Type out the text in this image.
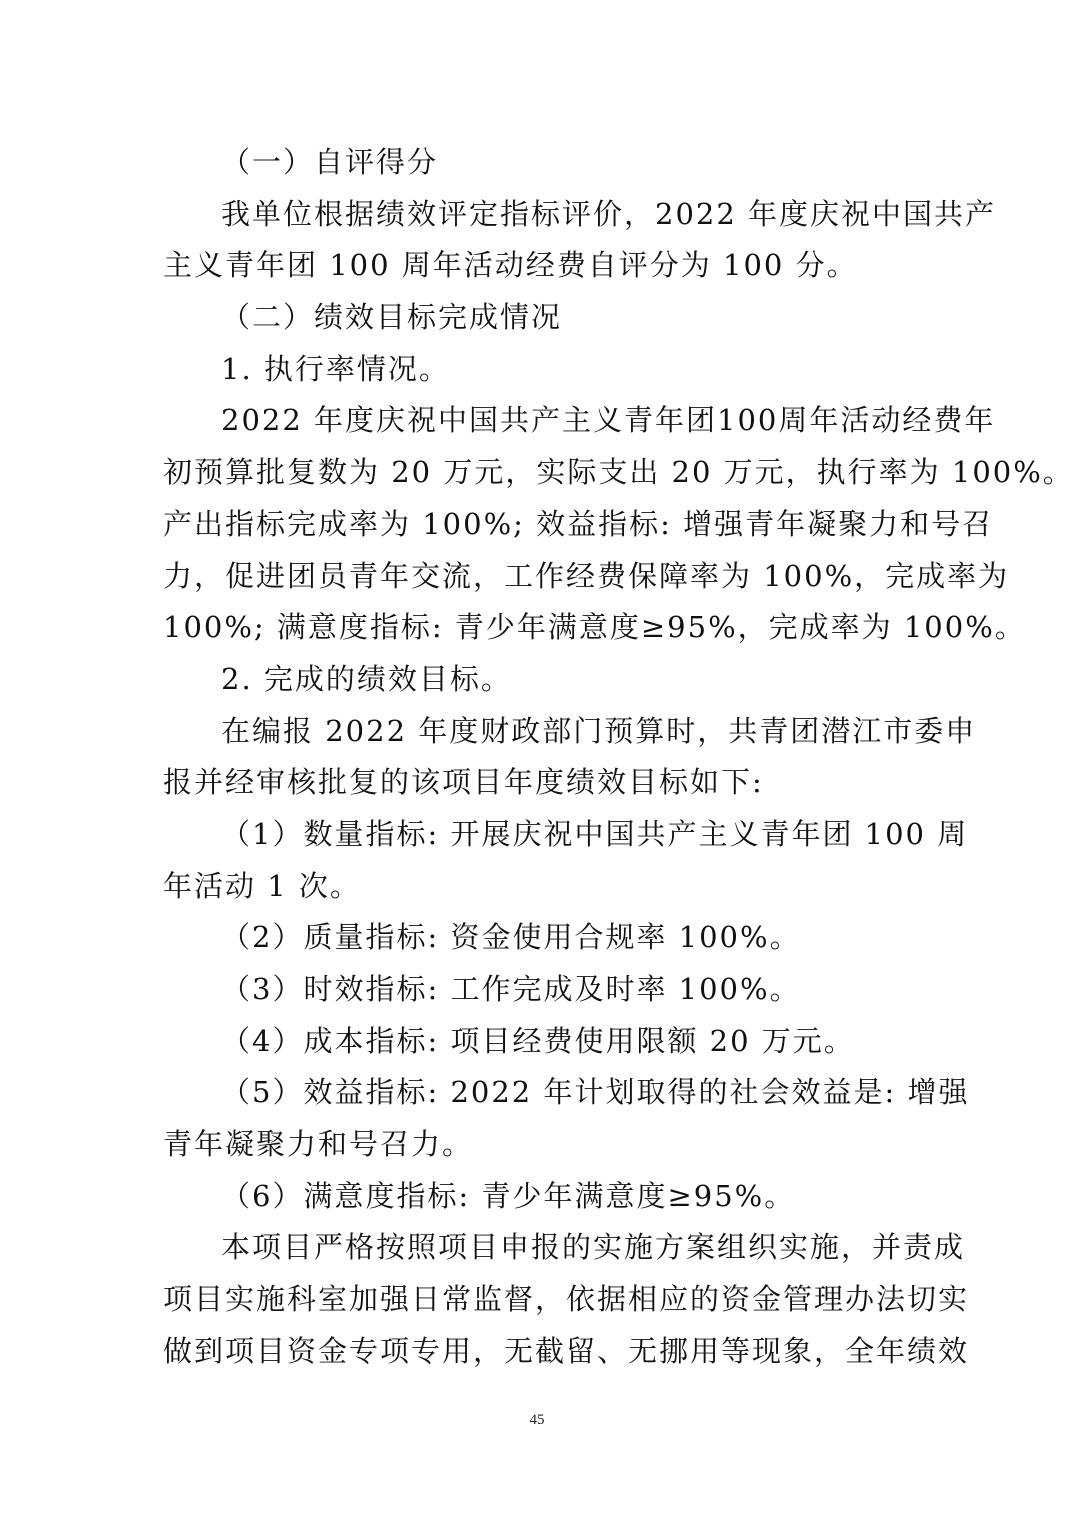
（一）自评得分
我单位根据绩效评定指标评价，2022 年度庆祝中国共产
主义青年团 100 周年活动经费自评分为 100 分。
（二）绩效目标完成情况
1. 执行率情况。
2022 年度庆祝中国共产主义青年团100周年活动经费年
初预算批复数为 20 万元，实际支出 20 万元，执行率为 100%。
产出指标完成率为 100%; 效益指标: 增强青年凝聚力和号召
力，促进团员青年交流，工作经费保障率为 100%，完成率为
100%; 满意度指标: 青少年满意度≥95%，完成率为 100%。
2. 完成的绩效目标。
在编报 2022 年度财政部门预算时，共青团潜江市委申
报并经审核批复的该项目年度绩效目标如下:
（1）数量指标: 开展庆祝中国共产主义青年团 100 周
年活动 1 次。
（2）质量指标: 资金使用合规率 100%。
（3）时效指标: 工作完成及时率 100%。
（4）成本指标: 项目经费使用限额 20 万元。
（5）效益指标: 2022 年计划取得的社会效益是: 增强
青年凝聚力和号召力。
（6）满意度指标: 青少年满意度≥95%。
本项目严格按照项目申报的实施方案组织实施，并责成
项目实施科室加强日常监督，依据相应的资金管理办法切实
做到项目资金专项专用，无截留、无挪用等现象，全年绩效
45
